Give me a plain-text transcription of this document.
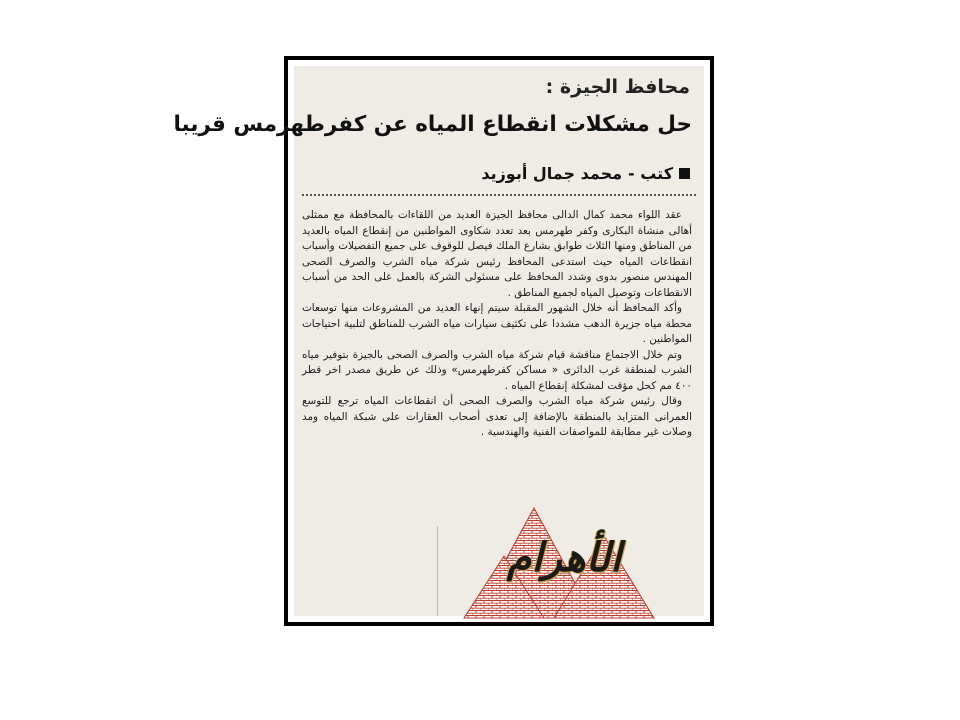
محافظ الجيزة :
حل مشكلات انقطاع المياه عن كفرطهرمس قريبا
كتب -
محمد جمال أبوزيد

عقد اللواء محمد كمال الدالى محافظ الجيزة العديد من اللقاءات بالمحافظة مع ممثلى أهالى منشاة البكارى وكفر طهرمس بعد تعدد شكاوى المواطنين من إنقطاع المياه بالعديد من المناطق ومنها الثلاث طوابق بشارع الملك فيصل للوقوف على جميع التفصيلات وأسباب انقطاعات المياه حيث استدعى المحافظ رئيس شركة مياه الشرب والصرف الصحى المهندس منصور بدوى وشدد المحافظ على مسئولى الشركة بالعمل على الحد من أسباب الانقطاعات وتوصيل المياه لجميع المناطق .

وأكد المحافظ أنه خلال الشهور المقبلة سيتم إنهاء العديد من المشروعات منها توسعات محطة مياه جزيرة الدهب مشددا على تكثيف سيارات مياه الشرب للمناطق لتلبية احتياجات المواطنين .

وتم خلال الاجتماع مناقشة قيام شركة مياه الشرب والصرف الصحى بالجيزة بتوفير مياه الشرب لمنطقة غرب الدائرى « مساكن كفرطهرمس» وذلك عن طريق مصدر اخر قطر ٤٠٠ مم كحل مؤقت لمشكلة إنقطاع المياه .

وقال رئيس شركة مياه الشرب والصرف الصحى أن انقطاعات المياه ترجع للتوسع العمرانى المتزايد بالمنطقة بالإضافة إلى تعدى أصحاب العقارات على شبكة المياه ومد وصلات غير مطابقة للمواصفات الفنية والهندسية .

الأهرام
